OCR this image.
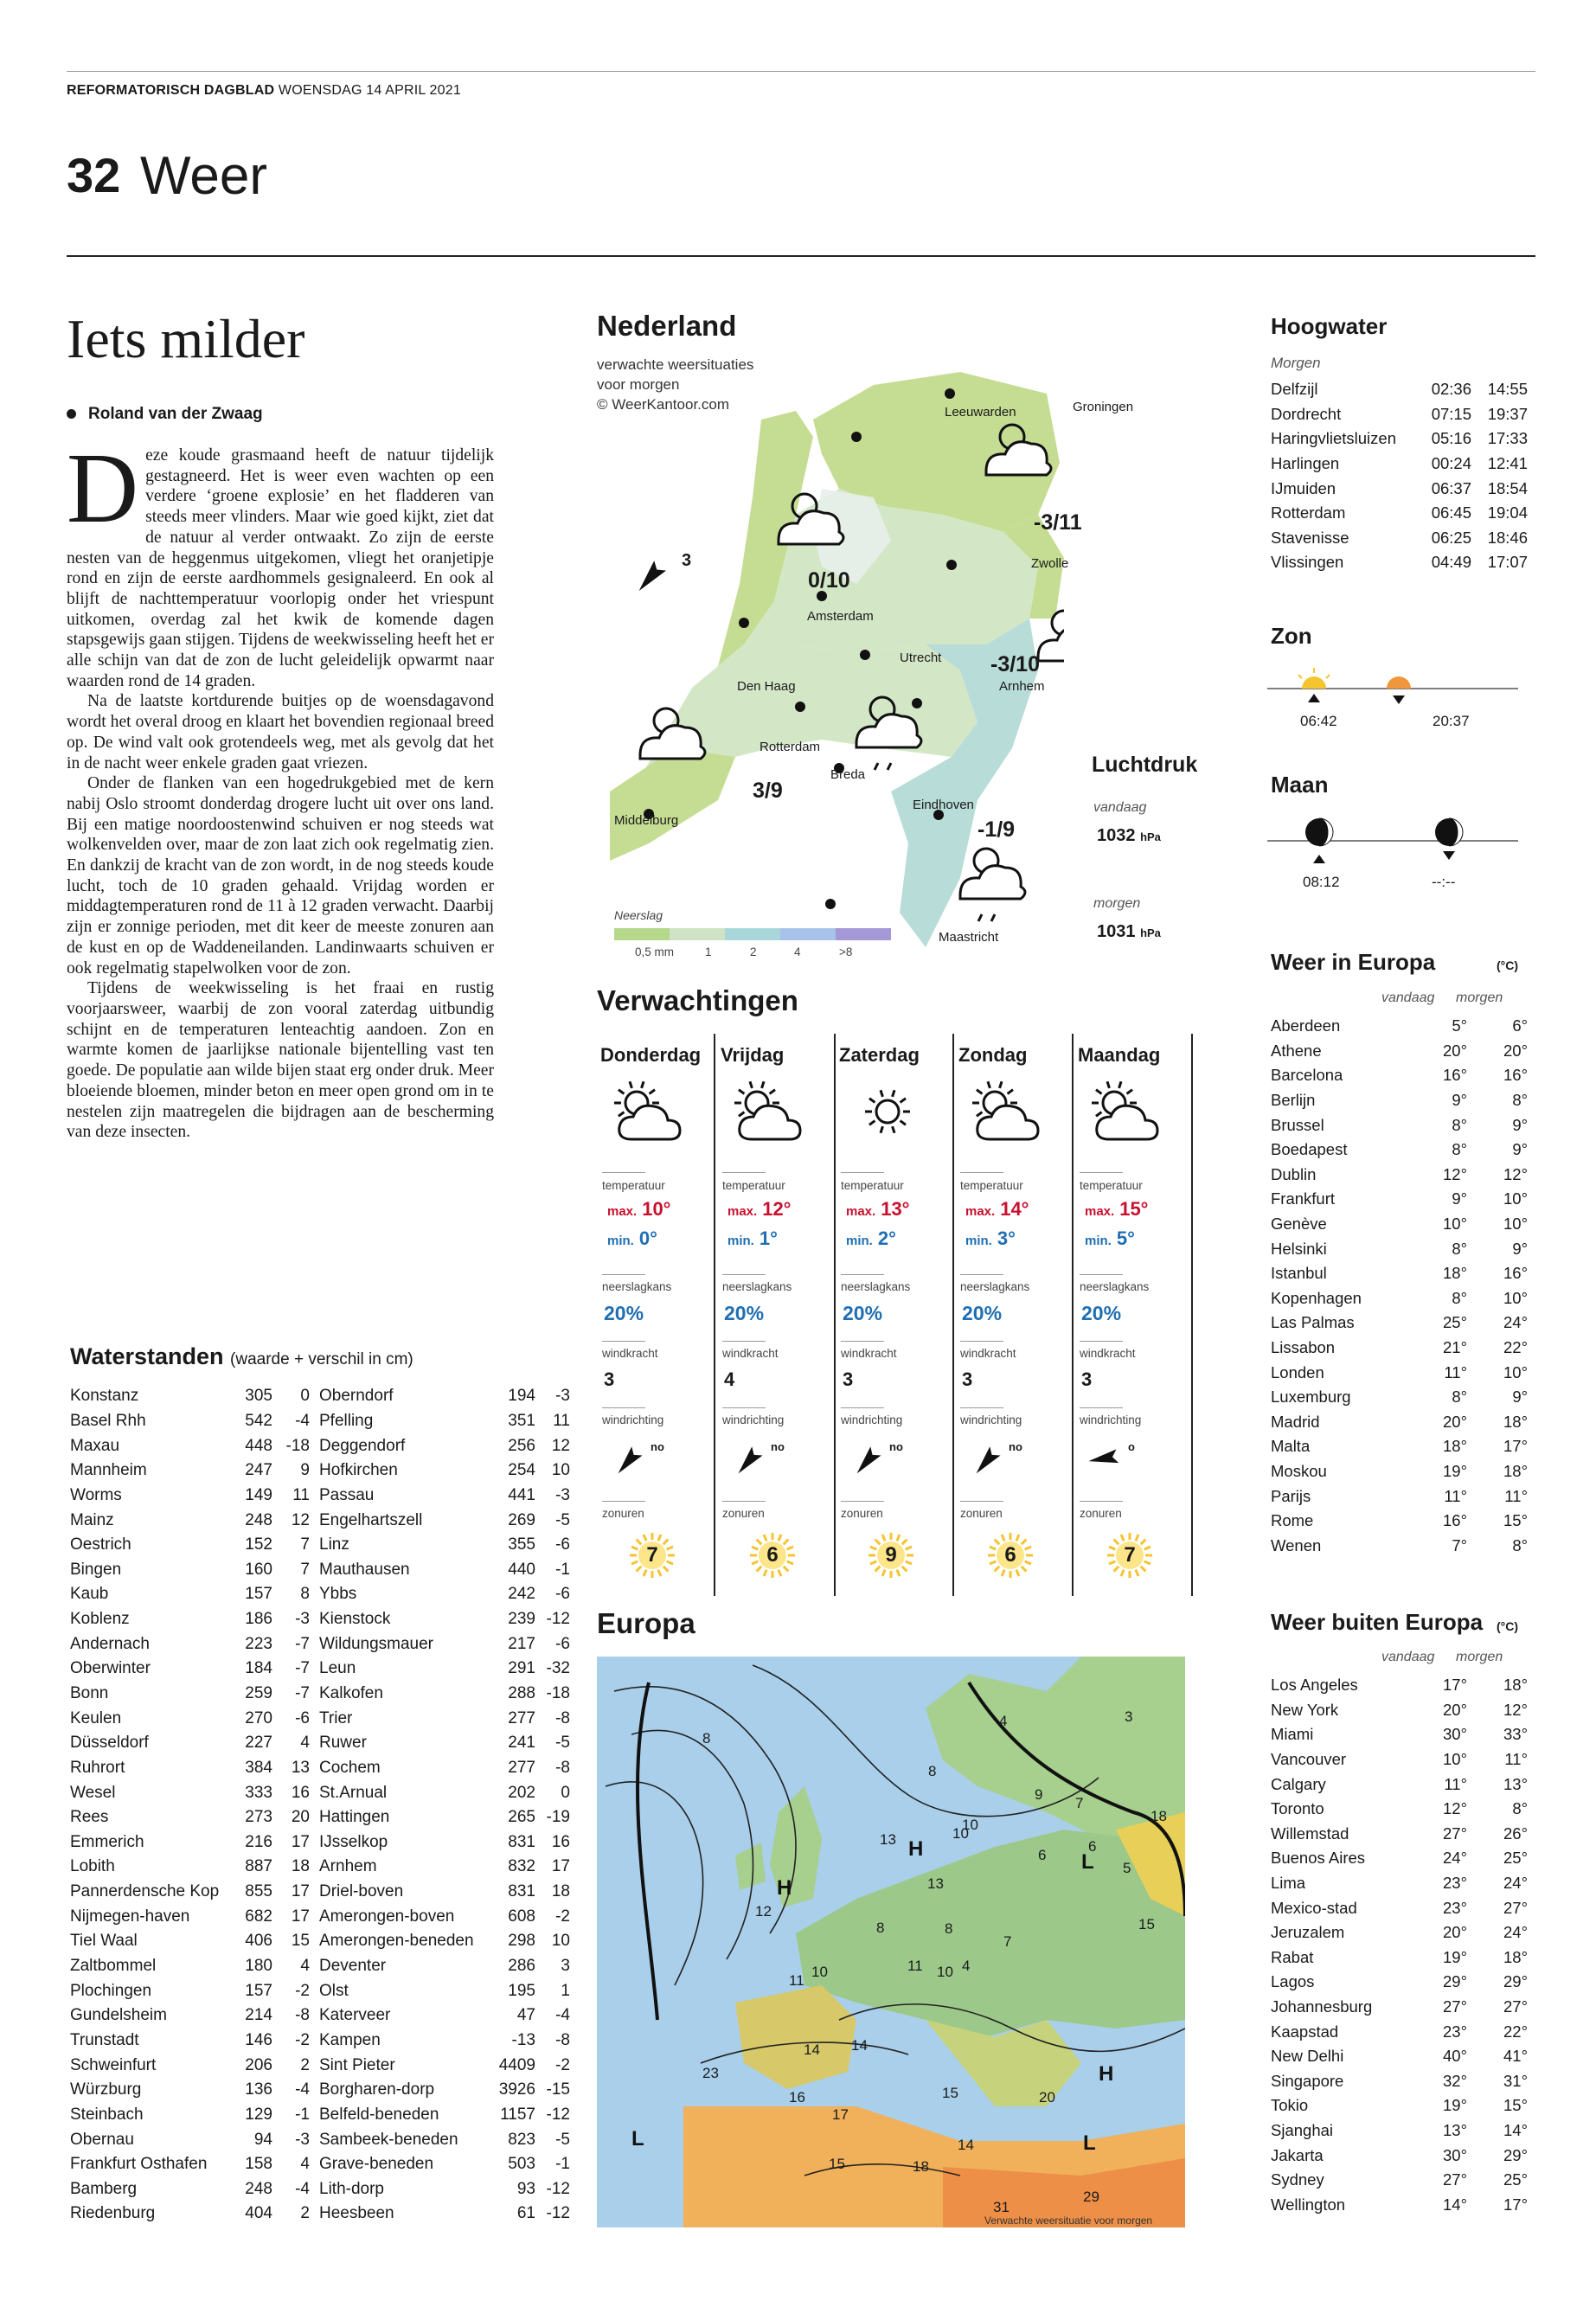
REFORMATORISCH DAGBLAD WOENSDAG 14 APRIL 2021
32 Weer
Iets milder
Roland van der Zwaag

Deze koude grasmaand heeft de natuur tijdelijk gestagneerd. Het is weer even wachten op een verdere ‘groene explosie’ en het fladderen van steeds meer vlinders. Maar wie goed kijkt, ziet dat de natuur al verder ontwaakt. Zo zijn de eerste nesten van de heggenmus uitgekomen, vliegt het oranjetipje rond en zijn de eerste aardhommels gesignaleerd. En ook al blijft de nachttemperatuur voorlopig onder het vriespunt uitkomen, overdag zal het kwik de komende dagen stapsgewijs gaan stijgen. Tijdens de weekwisseling heeft het er alle schijn van dat de zon de lucht geleidelijk opwarmt naar waarden rond de 14 graden.

Na de laatste kortdurende buitjes op de woensdagavond wordt het overal droog en klaart het bovendien regionaal breed op. De wind valt ook grotendeels weg, met als gevolg dat het in de nacht weer enkele graden gaat vriezen.

Onder de flanken van een hogedrukgebied met de kern nabij Oslo stroomt donderdag drogere lucht uit over ons land. Bij een matige noordoostenwind schuiven er nog steeds wat wolkenvelden over, maar de zon laat zich ook regelmatig zien. En dankzij de kracht van de zon wordt, in de nog steeds koude lucht, toch de 10 graden gehaald. Vrijdag worden er middagtemperaturen rond de 11 à 12 graden verwacht. Daarbij zijn er zonnige perioden, met dit keer de meeste zonuren aan de kust en op de Waddeneilanden. Landinwaarts schuiven er ook regelmatig stapelwolken voor de zon.

Tijdens de weekwisseling is het fraai en rustig voorjaarsweer, waarbij de zon vooral zaterdag uitbundig schijnt en de temperaturen lenteachtig aandoen. Zon en warmte komen de jaarlijkse nationale bijentelling vast ten goede. De populatie aan wilde bijen staat erg onder druk. Meer bloeiende bloemen, minder beton en meer open grond om in te nestelen zijn maatregelen die bijdragen aan de bescherming van deze insecten.

Waterstanden (waarde + verschil in cm)
Konstanz	305	0
Basel Rhh	542	-4
Maxau	448	-18
Mannheim	247	9
Worms	149	11
Mainz	248	12
Oestrich	152	7
Bingen	160	7
Kaub	157	8
Koblenz	186	-3
Andernach	223	-7
Oberwinter	184	-7
Bonn	259	-7
Keulen	270	-6
Düsseldorf	227	4
Ruhrort	384	13
Wesel	333	16
Rees	273	20
Emmerich	216	17
Lobith	887	18
Pannerdensche Kop	855	17
Nijmegen-haven	682	17
Tiel Waal	406	15
Zaltbommel	180	4
Plochingen	157	-2
Gundelsheim	214	-8
Trunstadt	146	-2
Schweinfurt	206	2
Würzburg	136	-4
Steinbach	129	-1
Obernau	94	-3
Frankfurt Osthafen	158	4
Bamberg	248	-4
Riedenburg	404	2
Oberndorf	194	-3
Pfelling	351	11
Deggendorf	256	12
Hofkirchen	254	10
Passau	441	-3
Engelhartszell	269	-5
Linz	355	-6
Mauthausen	440	-1
Ybbs	242	-6
Kienstock	239	-12
Wildungsmauer	217	-6
Leun	291	-32
Kalkofen	288	-18
Trier	277	-8
Ruwer	241	-5
Cochem	277	-8
St.Arnual	202	0
Hattingen	265	-19
IJsselkop	831	16
Arnhem	832	17
Driel-boven	831	18
Amerongen-boven	608	-2
Amerongen-beneden	298	10
Deventer	286	3
Olst	195	1
Katerveer	47	-4
Kampen	-13	-8
Sint Pieter	4409	-2
Borgharen-dorp	3926	-15
Belfeld-beneden	1157	-12
Sambeek-beneden	823	-5
Grave-beneden	503	-1
Lith-dorp	93	-12
Heesbeen	61	-12
Nederland
verwachte weersituaties
voor morgen
© WeerKantoor.com
3
-3/11
0/10
-3/10
3/9
-1/9
Leeuwarden	Groningen
Zwolle
Amsterdam
Utrecht
Arnhem
Den Haag
Rotterdam
Breda
Eindhoven
Middelburg
Maastricht
Neerslag
0,5 mm	1	2	4	>8
Luchtdruk
vandaag
1032 hPa
morgen
1031 hPa
Verwachtingen
Donderdag
temperatuur
max. 10°
min. 0°
neerslagkans
20%
windkracht
3
windrichting
no
zonuren
7
Vrijdag
temperatuur
max. 12°
min. 1°
neerslagkans
20%
windkracht
4
windrichting
no
zonuren
6
Zaterdag
temperatuur
max. 13°
min. 2°
neerslagkans
20%
windkracht
3
windrichting
no
zonuren
9
Zondag
temperatuur
max. 14°
min. 3°
neerslagkans
20%
windkracht
3
windrichting
no
zonuren
6
Maandag
temperatuur
max. 15°
min. 5°
neerslagkans
20%
windkracht
3
windrichting
o
zonuren
7
Europa
H
H
H
L	L
L
8
4	3
8
10
9
7
18
13
13
10
6
5
12
8	8
7
15
10	11 10 4
14 14
11
23
16
17
15
20
14
15
18
31
29
6
Verwachte weersituatie voor morgen
Hoogwater
Morgen
Delfzijl	02:36	14:55
Dordrecht	07:15	19:37
Haringvlietsluizen	05:16	17:33
Harlingen	00:24	12:41
IJmuiden	06:37	18:54
Rotterdam	06:45	19:04
Stavenisse	06:25	18:46
Vlissingen	04:49	17:07
Zon
06:42	20:37
Maan
08:12	--:--
Weer in Europa	(°C)
vandaag morgen
Aberdeen	5°	6°
Athene	20°	20°
Barcelona	16°	16°
Berlijn	9°	8°
Brussel	8°	9°
Boedapest	8°	9°
Dublin	12°	12°
Frankfurt	9°	10°
Genève	10°	10°
Helsinki	8°	9°
Istanbul	18°	16°
Kopenhagen	8°	10°
Las Palmas	25°	24°
Lissabon	21°	22°
Londen	11°	10°
Luxemburg	8°	9°
Madrid	20°	18°
Malta	18°	17°
Moskou	19°	18°
Parijs	11°	11°
Rome	16°	15°
Wenen	7°	8°
Weer buiten Europa (°C)
vandaag morgen
Los Angeles	17°	18°
New York	20°	12°
Miami	30°	33°
Vancouver	10°	11°
Calgary	11°	13°
Toronto	12°	8°
Willemstad	27°	26°
Buenos Aires	24°	25°
Lima	23°	24°
Mexico-stad	23°	27°
Jeruzalem	20°	24°
Rabat	19°	18°
Lagos	29°	29°
Johannesburg	27°	27°
Kaapstad	23°	22°
New Delhi	40°	41°
Singapore	32°	31°
Tokio	19°	15°
Sjanghai	13°	14°
Jakarta	30°	29°
Sydney	27°	25°
Wellington	14°	17°
